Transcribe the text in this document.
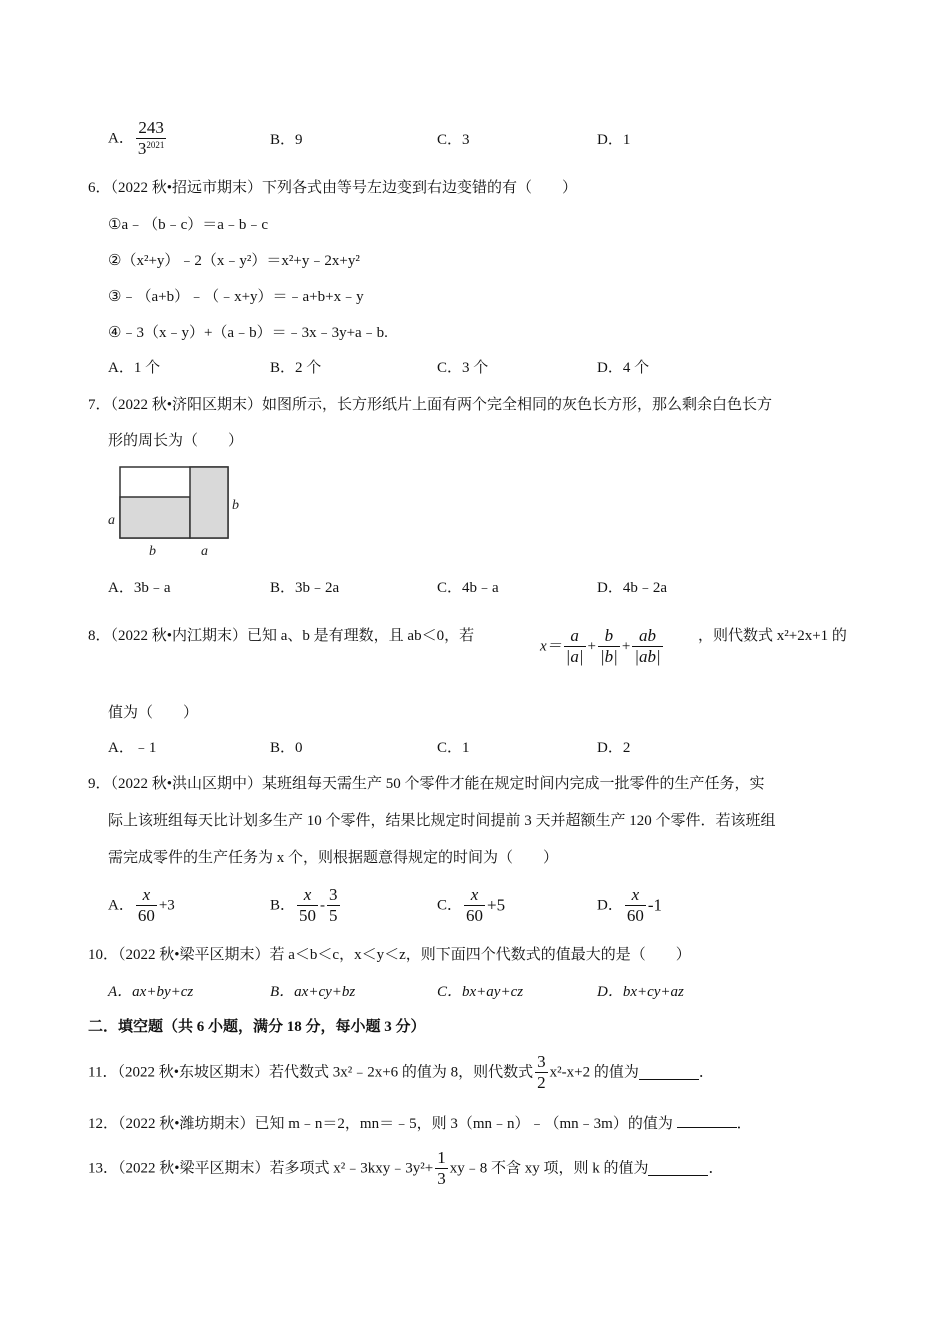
A． $\frac{243}{3^{2021}}$	B．9	C．3	D．1
6．（2022 秋•招远市期末）下列各式由等号左边变到右边变错的有（　　）
①a﹣（b﹣c）＝a﹣b﹣c
②（x²+y）﹣2（x﹣y²）＝x²+y﹣2x+y²
③﹣（a+b）﹣（﹣x+y）＝﹣a+b+x﹣y
④﹣3（x﹣y）+（a﹣b）＝﹣3x﹣3y+a﹣b.
A．1 个	B．2 个	C．3 个	D．4 个
7．（2022 秋•济阳区期末）如图所示，长方形纸片上面有两个完全相同的灰色长方形，那么剩余白色长方
形的周长为（　　）
a
b
b	a
A．3b﹣a	B．3b﹣2a	C．4b﹣a	D．4b﹣2a
8．（2022 秋•内江期末）已知 a、b 是有理数，且 ab＜0，若
$x= \frac{a}{|a|} + \frac{b}{|b|} + \frac{ab}{|ab|}$ ，则代数式 x²+2x+1 的
值为（　　）
A．﹣1	B．0	C．1	D．2
9．（2022 秋•洪山区期中）某班组每天需生产 50 个零件才能在规定时间内完成一批零件的生产任务，实
际上该班组每天比计划多生产 10 个零件，结果比规定时间提前 3 天并超额生产 120 个零件．若该班组
需完成零件的生产任务为 x 个，则根据题意得规定的时间为（　　）
A． $\frac{x}{60} +3$	B． $\frac{x}{50} - \frac{3}{5}$	C． $\frac{x}{60} +5$	D． $\frac{x}{60} -1$
10．（2022 秋•梁平区期末）若 a＜b＜c，x＜y＜z，则下面四个代数式的值最大的是（　　）
A．ax+by+cz	B．ax+cy+bz	C．bx+ay+cz	D．bx+cy+az
二．填空题（共 6 小题，满分 18 分，每小题 3 分）
11．（2022 秋•东坡区期末）若代数式 3x²﹣2x+6 的值为 8，则代数式 $\frac{3}{2} x^2-x+2$ 的值为	．
12．（2022 秋•潍坊期末）已知 m﹣n＝2，mn＝﹣5，则 3（mn﹣n）﹣（mn﹣3m）的值为	．
13．（2022 秋•梁平区期末）若多项式 x²﹣3kxy﹣3y²+ $\frac{1}{3}$ xy﹣8 不含 xy 项，则 k 的值为	．
